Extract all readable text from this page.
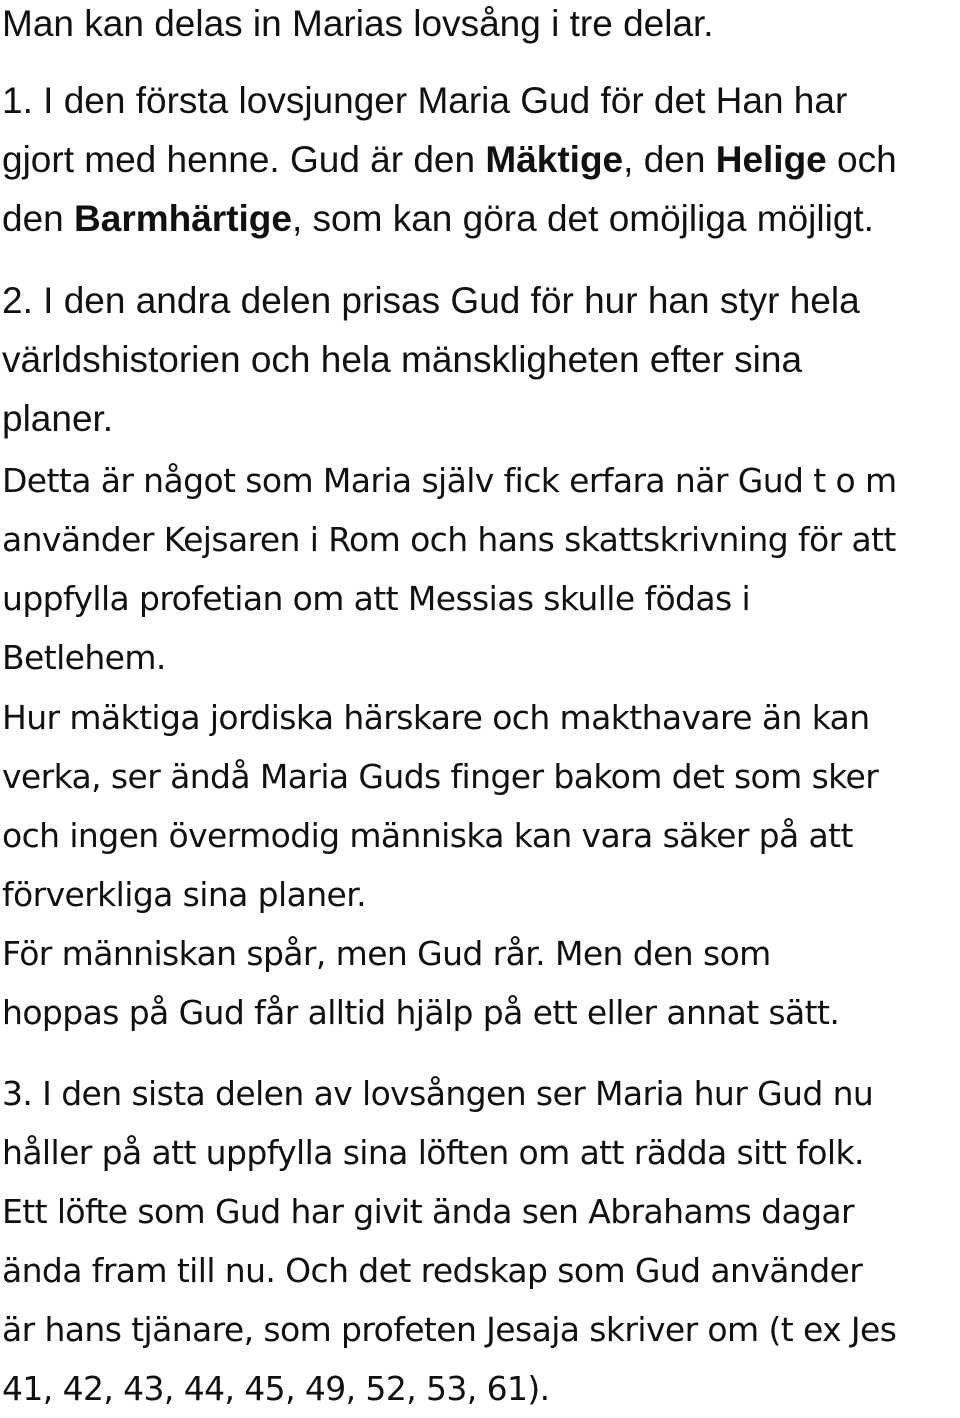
Man kan delas in Marias lovsång i tre delar.

1. I den första lovsjunger Maria Gud för det Han har
gjort med henne. Gud är den Mäktige, den Helige och
den Barmhärtige, som kan göra det omöjliga möjligt.

2. I den andra delen prisas Gud för hur han styr hela
världshistorien och hela mänskligheten efter sina
planer.

Detta är något som Maria själv fick erfara när Gud t o m
använder Kejsaren i Rom och hans skattskrivning för att
uppfylla profetian om att Messias skulle födas i
Betlehem.

Hur mäktiga jordiska härskare och makthavare än kan
verka, ser ändå Maria Guds finger bakom det som sker
och ingen övermodig människa kan vara säker på att
förverkliga sina planer.

För människan spår, men Gud rår. Men den som
hoppas på Gud får alltid hjälp på ett eller annat sätt.

3. I den sista delen av lovsången ser Maria hur Gud nu
håller på att uppfylla sina löften om att rädda sitt folk.
Ett löfte som Gud har givit ända sen Abrahams dagar
ända fram till nu. Och det redskap som Gud använder
är hans tjänare, som profeten Jesaja skriver om (t ex Jes
41, 42, 43, 44, 45, 49, 52, 53, 61).
